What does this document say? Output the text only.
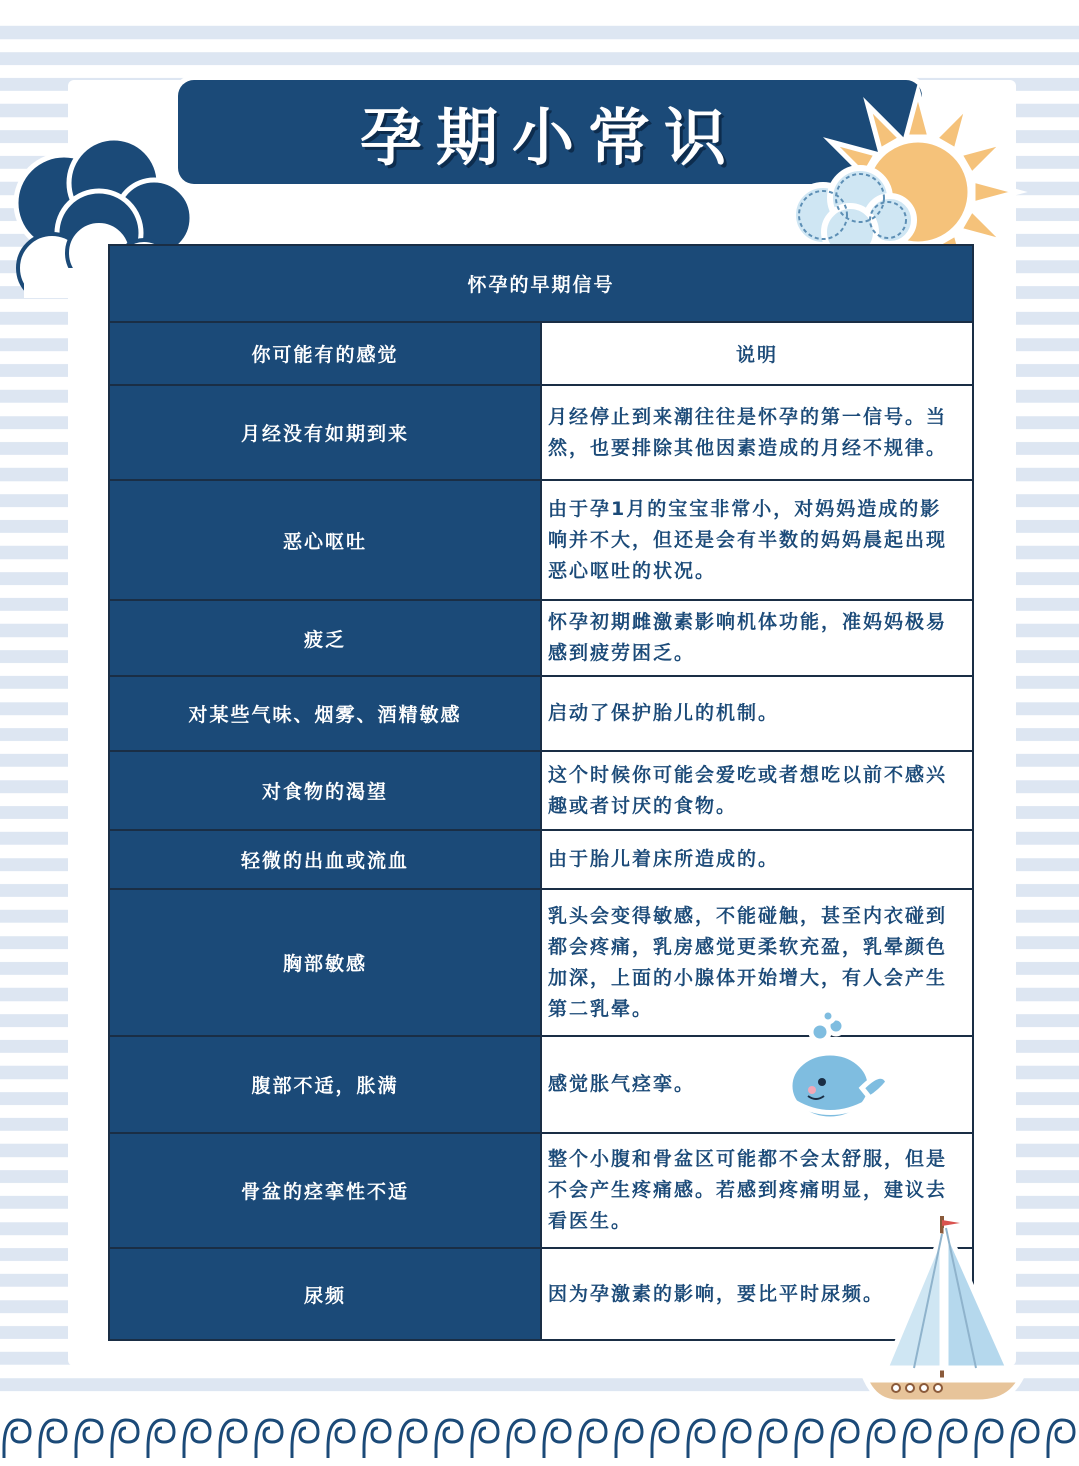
孕期小常识
怀孕的早期信号	
你可能有的感觉	说明
月经没有如期到来	月经停止到来潮往往是怀孕的第一信号。当然，也要排除其他因素造成的月经不规律。
恶心呕吐	由于孕1月的宝宝非常小，对妈妈造成的影响并不大，但还是会有半数的妈妈晨起出现恶心呕吐的状况。
疲乏	怀孕初期雌激素影响机体功能，准妈妈极易感到疲劳困乏。
对某些气味、烟雾、酒精敏感	启动了保护胎儿的机制。
对食物的渴望	这个时候你可能会爱吃或者想吃以前不感兴趣或者讨厌的食物。
轻微的出血或流血	由于胎儿着床所造成的。
胸部敏感	乳头会变得敏感，不能碰触，甚至内衣碰到都会疼痛，乳房感觉更柔软充盈，乳晕颜色加深，上面的小腺体开始增大，有人会产生第二乳晕。
腹部不适，胀满	感觉胀气痉挛。
骨盆的痉挛性不适	整个小腹和骨盆区可能都不会太舒服，但是不会产生疼痛感。若感到疼痛明显，建议去看医生。
尿频	因为孕激素的影响，要比平时尿频。
